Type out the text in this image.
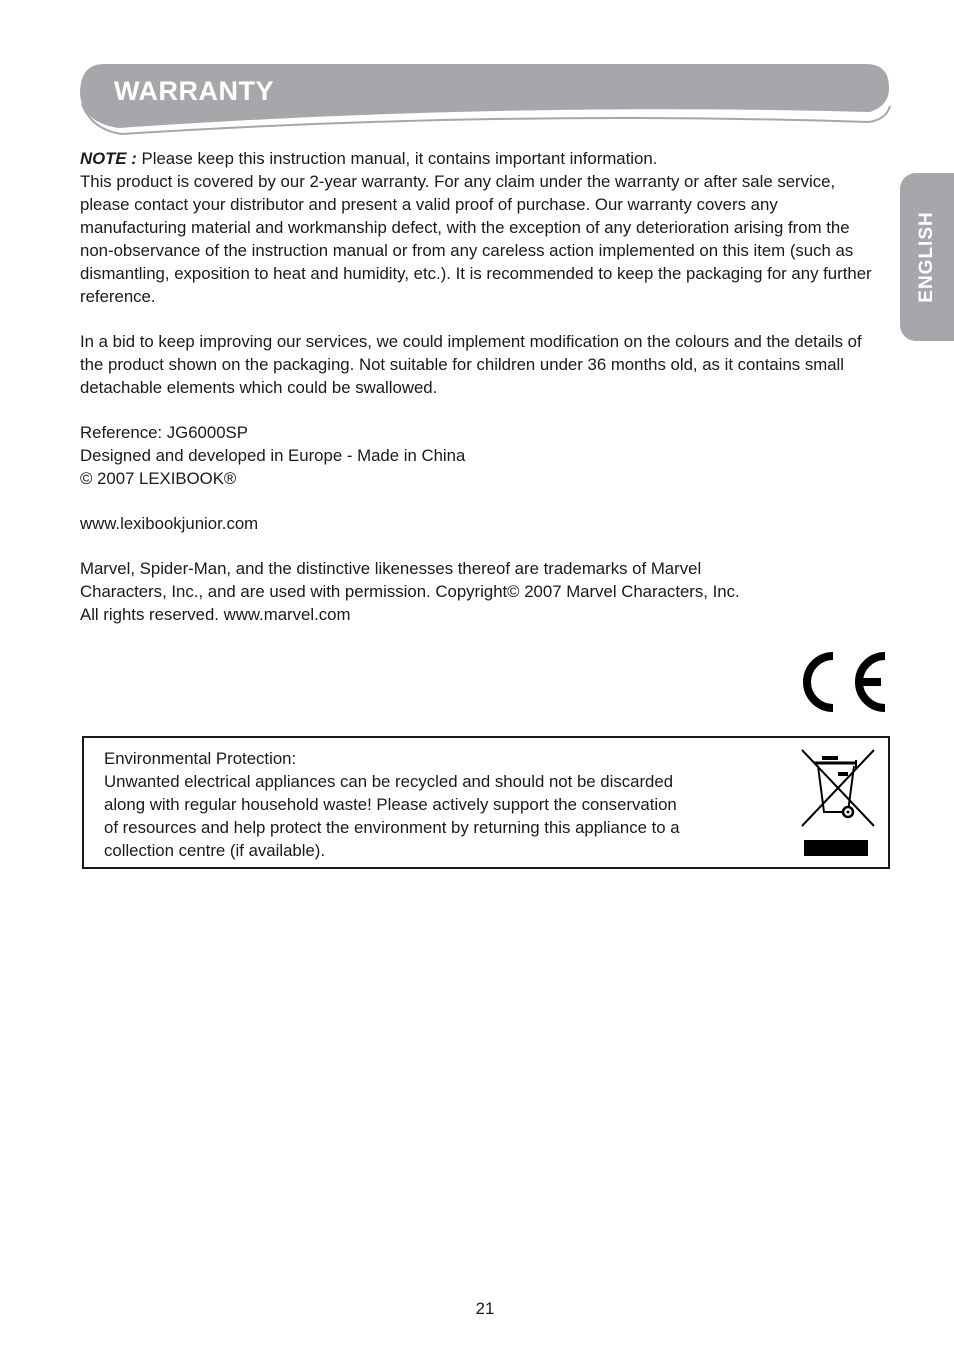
WARRANTY
ENGLISH

NOTE : Please keep this instruction manual, it contains important information.
This product is covered by our 2-year warranty. For any claim under the warranty or after sale service, please contact your distributor and present a valid proof of purchase. Our warranty covers any manufacturing material and workmanship defect, with the exception of any deterioration arising from the non-observance of the instruction manual or from any careless action implemented on this item (such as dismantling, exposition to heat and humidity, etc.). It is recommended to keep the packaging for any further reference.

In a bid to keep improving our services, we could implement modification on the colours and the details of the product shown on the packaging. Not suitable for children under 36 months old, as it contains small detachable elements which could be swallowed.

Reference: JG6000SP
Designed and developed in Europe - Made in China
© 2007 LEXIBOOK®

www.lexibookjunior.com

Marvel, Spider-Man, and the distinctive likenesses thereof are trademarks of Marvel
Characters, Inc., and are used with permission. Copyright© 2007 Marvel Characters, Inc.
All rights reserved. www.marvel.com

Environmental Protection:
Unwanted electrical appliances can be recycled and should not be discarded
along with regular household waste! Please actively support the conservation
of resources and help protect the environment by returning this appliance to a
collection centre (if available).
21
